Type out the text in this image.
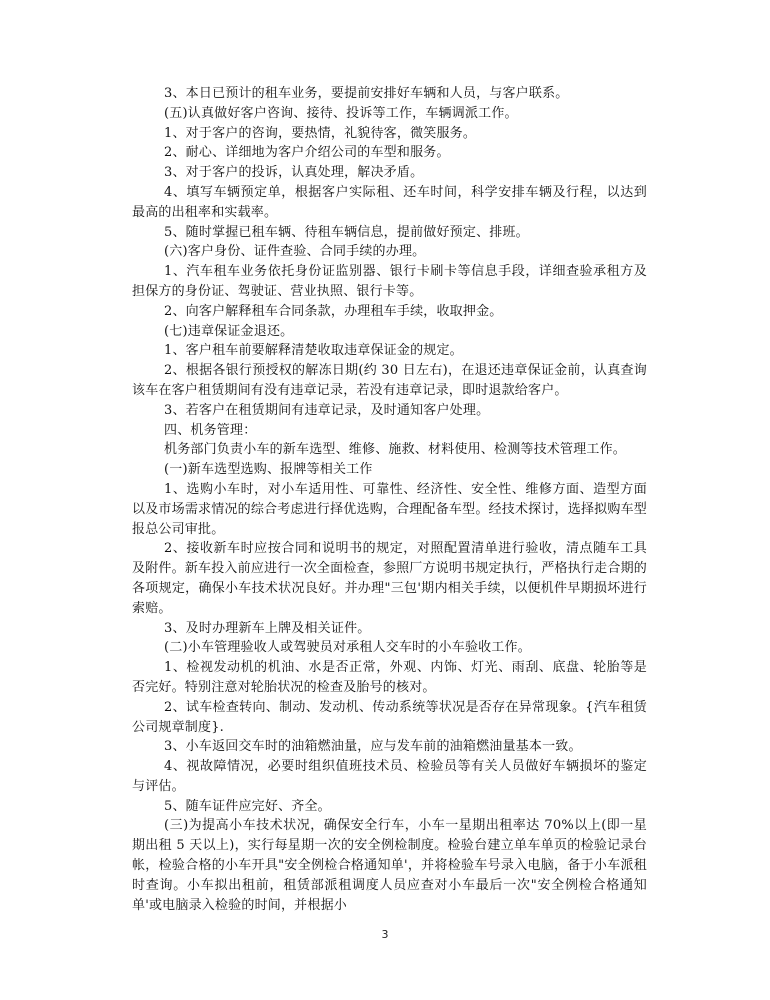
3、本日已预计的租车业务，要提前安排好车辆和人员，与客户联系。

(五)认真做好客户咨询、接待、投诉等工作，车辆调派工作。

1、对于客户的咨询，要热情，礼貌待客，微笑服务。

2、耐心、详细地为客户介绍公司的车型和服务。

3、对于客户的投诉，认真处理，解决矛盾。

4、填写车辆预定单，根据客户实际租、还车时间，科学安排车辆及行程，以达到最高的出租率和实载率。

5、随时掌握已租车辆、待租车辆信息，提前做好预定、排班。

(六)客户身份、证件查验、合同手续的办理。

1、汽车租车业务依托身份证监别器、银行卡刷卡等信息手段，详细查验承租方及担保方的身份证、驾驶证、营业执照、银行卡等。

2、向客户解释租车合同条款，办理租车手续，收取押金。

(七)违章保证金退还。

1、客户租车前要解释清楚收取违章保证金的规定。

2、根据各银行预授权的解冻日期(约 30 日左右)，在退还违章保证金前，认真查询该车在客户租赁期间有没有违章记录，若没有违章记录，即时退款给客户。

3、若客户在租赁期间有违章记录，及时通知客户处理。

四、机务管理：

机务部门负责小车的新车选型、维修、施救、材料使用、检测等技术管理工作。

(一)新车选型选购、报牌等相关工作

1、选购小车时，对小车适用性、可靠性、经济性、安全性、维修方面、造型方面以及市场需求情况的综合考虑进行择优选购，合理配备车型。经技术探讨，选择拟购车型报总公司审批。

2、接收新车时应按合同和说明书的规定，对照配置清单进行验收，清点随车工具及附件。新车投入前应进行一次全面检查，参照厂方说明书规定执行，严格执行走合期的各项规定，确保小车技术状况良好。并办理"三包'期内相关手续，以便机件早期损坏进行索赔。

3、及时办理新车上牌及相关证件。

(二)小车管理验收人或驾驶员对承租人交车时的小车验收工作。

1、检视发动机的机油、水是否正常，外观、内饰、灯光、雨刮、底盘、轮胎等是否完好。特别注意对轮胎状况的检查及胎号的核对。

2、试车检查转向、制动、发动机、传动系统等状况是否存在异常现象。{汽车租赁公司规章制度}.

3、小车返回交车时的油箱燃油量，应与发车前的油箱燃油量基本一致。

4、视故障情况，必要时组织值班技术员、检验员等有关人员做好车辆损坏的鉴定与评估。

5、随车证件应完好、齐全。

(三)为提高小车技术状况，确保安全行车，小车一星期出租率达 70%以上(即一星期出租 5 天以上)，实行每星期一次的安全例检制度。检验台建立单车单页的检验记录台帐，检验合格的小车开具"安全例检合格通知单'，并将检验车号录入电脑，备于小车派租时查询。小车拟出租前，租赁部派租调度人员应查对小车最后一次"安全例检合格通知单'或电脑录入检验的时间，并根据小

3
